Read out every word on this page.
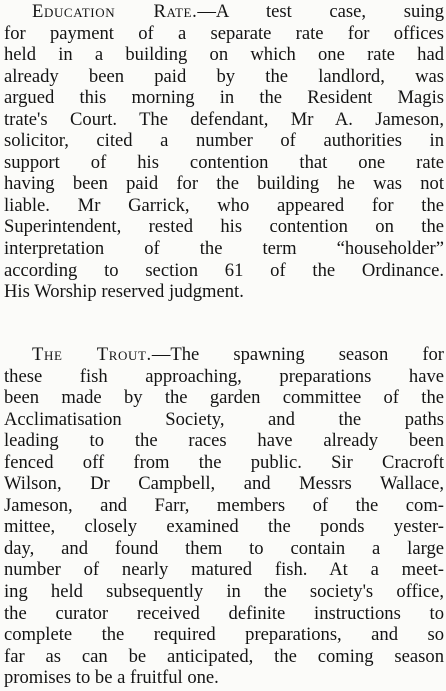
Education Rate.—A test case, suing
for payment of a separate rate for offices
held in a building on which one rate had
already been paid by the landlord, was
argued this morning in the Resident Magis
trate's Court. The defendant, Mr A. Jameson,
solicitor, cited a number of authorities in
support of his contention that one rate
having been paid for the building he was not
liable. Mr Garrick, who appeared for the
Superintendent, rested his contention on the
interpretation of the term “householder”
according to section 61 of the Ordinance.
His Worship reserved judgment.
The Trout.—The spawning season for
these fish approaching, preparations have
been made by the garden committee of the
Acclimatisation Society, and the paths
leading to the races have already been
fenced off from the public. Sir Cracroft
Wilson, Dr Campbell, and Messrs Wallace,
Jameson, and Farr, members of the com-
mittee, closely examined the ponds yester-
day, and found them to contain a large
number of nearly matured fish. At a meet-
ing held subsequently in the society's office,
the curator received definite instructions to
complete the required preparations, and so
far as can be anticipated, the coming season
promises to be a fruitful one.
